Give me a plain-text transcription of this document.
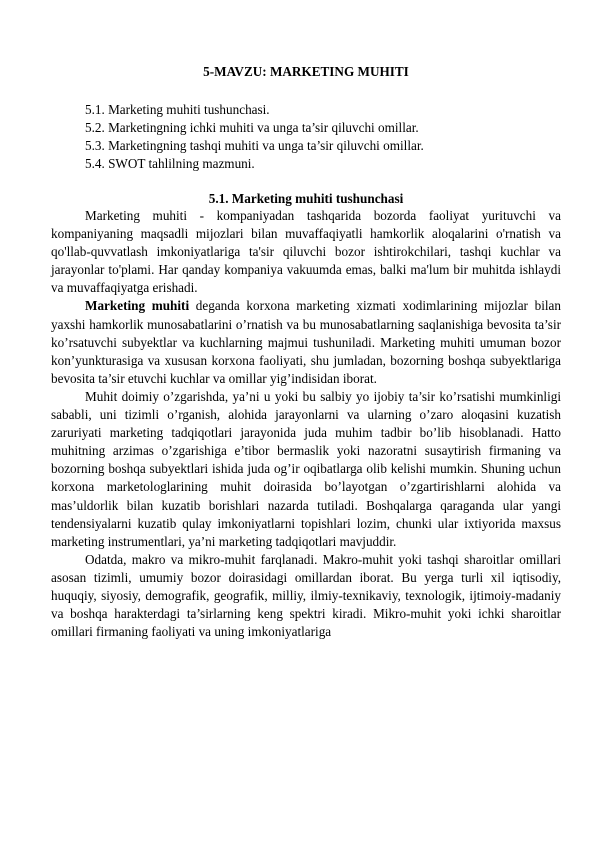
5-MAVZU: MARKETING MUHITI
5.1. Marketing muhiti tushunchasi.
5.2. Marketingning ichki muhiti va unga ta’sir qiluvchi omillar.
5.3. Marketingning tashqi muhiti va unga ta’sir qiluvchi omillar.
5.4. SWOT tahlilning mazmuni.
5.1. Marketing muhiti tushunchasi

Marketing muhiti - kompaniyadan tashqarida bozorda faoliyat yurituvchi va kompaniyaning maqsadli mijozlari bilan muvaffaqiyatli hamkorlik aloqalarini o'rnatish va qo'llab-quvvatlash imkoniyatlariga ta'sir qiluvchi bozor ishtirokchilari, tashqi kuchlar va jarayonlar to'plami. Har qanday kompaniya vakuumda emas, balki ma'lum bir muhitda ishlaydi va muvaffaqiyatga erishadi.

Marketing muhiti deganda korxona marketing xizmati xodimlarining mijozlar bilan yaxshi hamkorlik munosabatlarini o’rnatish va bu munosabatlarning saqlanishiga bevosita ta’sir ko’rsatuvchi subyektlar va kuchlarning majmui tushuniladi. Marketing muhiti umuman bozor kon’yunkturasiga va xususan korxona faoliyati, shu jumladan, bozorning boshqa subyektlariga bevosita ta’sir etuvchi kuchlar va omillar yig’indisidan iborat.

Muhit doimiy o’zgarishda, ya’ni u yoki bu salbiy yo ijobiy ta’sir ko’rsatishi mumkinligi sababli, uni tizimli o’rganish, alohida jarayonlarni va ularning o’zaro aloqasini kuzatish zaruriyati marketing tadqiqotlari jarayonida juda muhim tadbir bo’lib hisoblanadi. Hatto muhitning arzimas o’zgarishiga e’tibor bermaslik yoki nazoratni susaytirish firmaning va bozorning boshqa subyektlari ishida juda og’ir oqibatlarga olib kelishi mumkin. Shuning uchun korxona marketologlarining muhit doirasida bo’layotgan o’zgartirishlarni alohida va mas’uldorlik bilan kuzatib borishlari nazarda tutiladi. Boshqalarga qaraganda ular yangi tendensiyalarni kuzatib qulay imkoniyatlarni topishlari lozim, chunki ular ixtiyorida maxsus marketing instrumentlari, ya’ni marketing tadqiqotlari mavjuddir.

Odatda, makro va mikro-muhit farqlanadi. Makro-muhit yoki tashqi sharoitlar omillari asosan tizimli, umumiy bozor doirasidagi omillardan iborat. Bu yerga turli xil iqtisodiy, huquqiy, siyosiy, demografik, geografik, milliy, ilmiy-texnikaviy, texnologik, ijtimoiy-madaniy va boshqa harakterdagi ta’sirlarning keng spektri kiradi. Mikro-muhit yoki ichki sharoitlar omillari firmaning faoliyati va uning imkoniyatlariga
